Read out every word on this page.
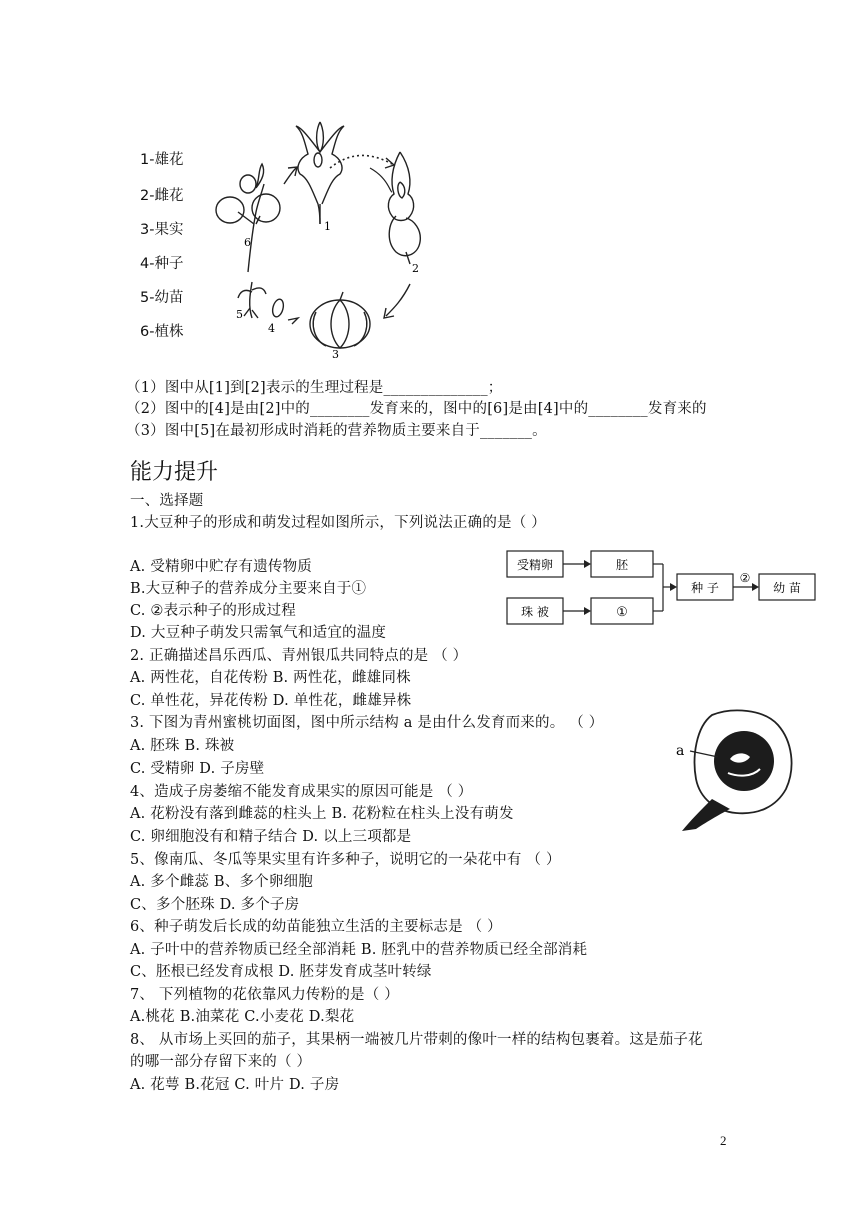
1-雄花
2-雌花
3-果实
4-种子
5-幼苗
6-植株
1
2
3
4
5
6
（1）图中从[1]到[2]表示的生理过程是______________；
（2）图中的[4]是由[2]中的________发育来的，图中的[6]是由[4]中的________发育来的
（3）图中[5]在最初形成时消耗的营养物质主要来自于_______。
能力提升
一、选择题
1.大豆种子的形成和萌发过程如图所示，下列说法正确的是（ ）
A. 受精卵中贮存有遗传物质
B.大豆种子的营养成分主要来自于①
C. ②表示种子的形成过程
D. 大豆种子萌发只需氧气和适宜的温度
2. 正确描述昌乐西瓜、青州银瓜共同特点的是 （ ）
A. 两性花，自花传粉 B. 两性花，雌雄同株
C. 单性花，异花传粉 D. 单性花，雌雄异株
3. 下图为青州蜜桃切面图，图中所示结构 a 是由什么发育而来的。 （ ）
A. 胚珠 B. 珠被
C. 受精卵 D. 子房壁
4、造成子房萎缩不能发育成果实的原因可能是 （ ）
A. 花粉没有落到雌蕊的柱头上 B. 花粉粒在柱头上没有萌发
C. 卵细胞没有和精子结合 D. 以上三项都是
5、像南瓜、冬瓜等果实里有许多种子，说明它的一朵花中有 （ ）
A. 多个雌蕊 B、多个卵细胞
C、多个胚珠 D. 多个子房
6、种子萌发后长成的幼苗能独立生活的主要标志是 （ ）
A. 子叶中的营养物质已经全部消耗 B. 胚乳中的营养物质已经全部消耗
C、胚根已经发育成根 D. 胚芽发育成茎叶转绿
7、 下列植物的花依靠风力传粉的是（ ）
A.桃花 B.油菜花 C.小麦花 D.梨花
8、 从市场上买回的茄子，其果柄一端被几片带刺的像叶一样的结构包裹着。这是茄子花
的哪一部分存留下来的（ ）
A. 花萼 B.花冠 C. 叶片 D. 子房
受精卵	胚
珠 被	①
种 子	幼 苗
②
a
2
